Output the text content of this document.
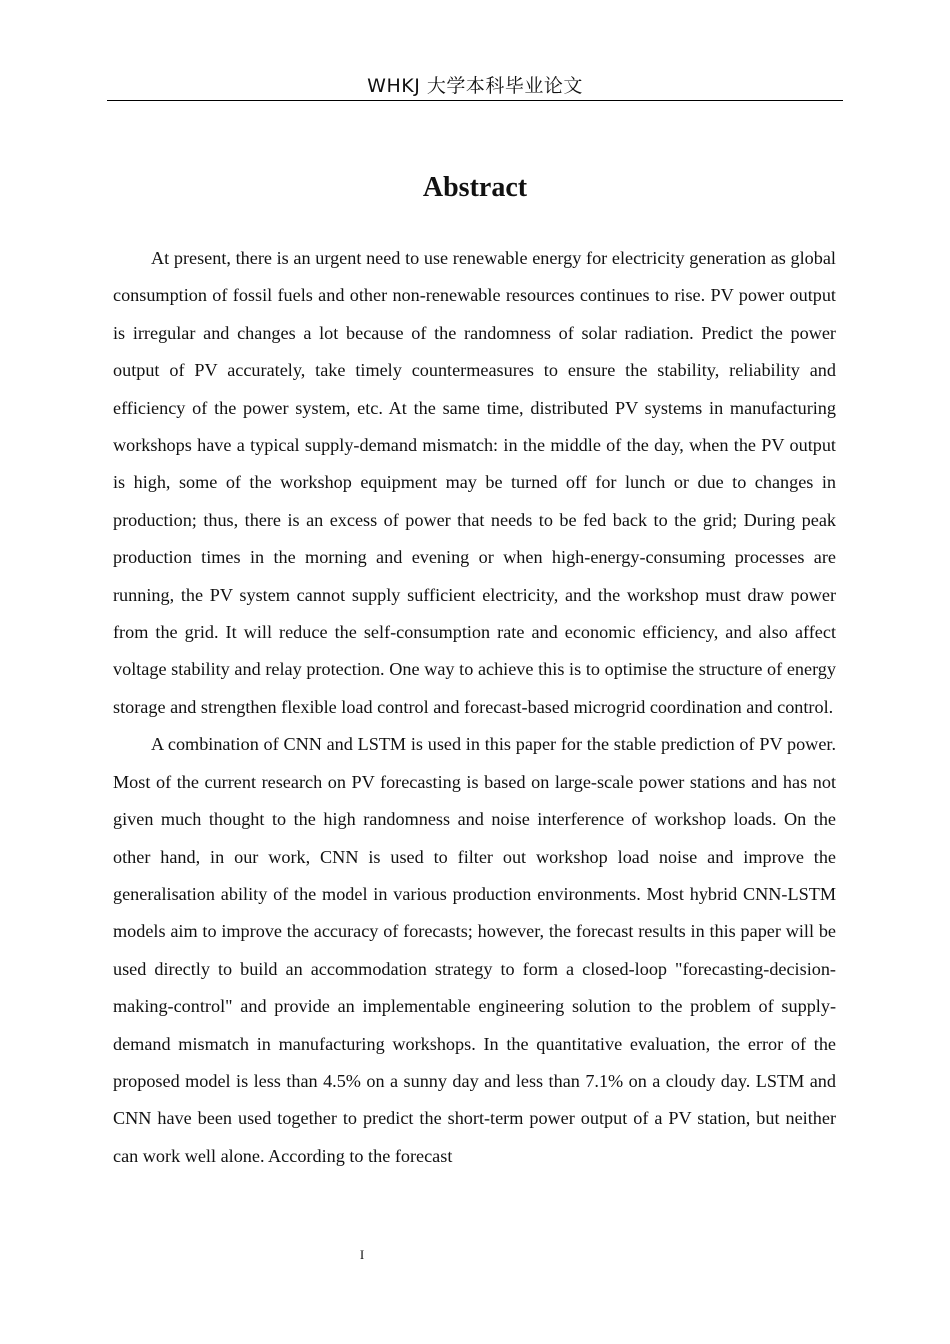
WHKJ 大学本科毕业论文
Abstract

At present, there is an urgent need to use renewable energy for electricity generation as global consumption of fossil fuels and other non-renewable resources continues to rise. PV power output is irregular and changes a lot because of the randomness of solar radiation. Predict the power output of PV accurately, take timely countermeasures to ensure the stability, reliability and efficiency of the power system, etc. At the same time, distributed PV systems in manufacturing workshops have a typical supply-demand mismatch: in the middle of the day, when the PV output is high, some of the workshop equipment may be turned off for lunch or due to changes in production; thus, there is an excess of power that needs to be fed back to the grid; During peak production times in the morning and evening or when high-energy-consuming processes are running, the PV system cannot supply sufficient electricity, and the workshop must draw power from the grid. It will reduce the self-consumption rate and economic efficiency, and also affect voltage stability and relay protection. One way to achieve this is to optimise the structure of energy storage and strengthen flexible load control and forecast-based microgrid coordination and control.

A combination of CNN and LSTM is used in this paper for the stable prediction of PV power. Most of the current research on PV forecasting is based on large-scale power stations and has not given much thought to the high randomness and noise interference of workshop loads. On the other hand, in our work, CNN is used to filter out workshop load noise and improve the generalisation ability of the model in various production environments. Most hybrid CNN-LSTM models aim to improve the accuracy of forecasts; however, the forecast results in this paper will be used directly to build an accommodation strategy to form a closed-loop "forecasting-decision-making-control" and provide an implementable engineering solution to the problem of supply-demand mismatch in manufacturing workshops. In the quantitative evaluation, the error of the proposed model is less than 4.5% on a sunny day and less than 7.1% on a cloudy day. LSTM and CNN have been used together to predict the short-term power output of a PV station, but neither can work well alone. According to the forecast

I
